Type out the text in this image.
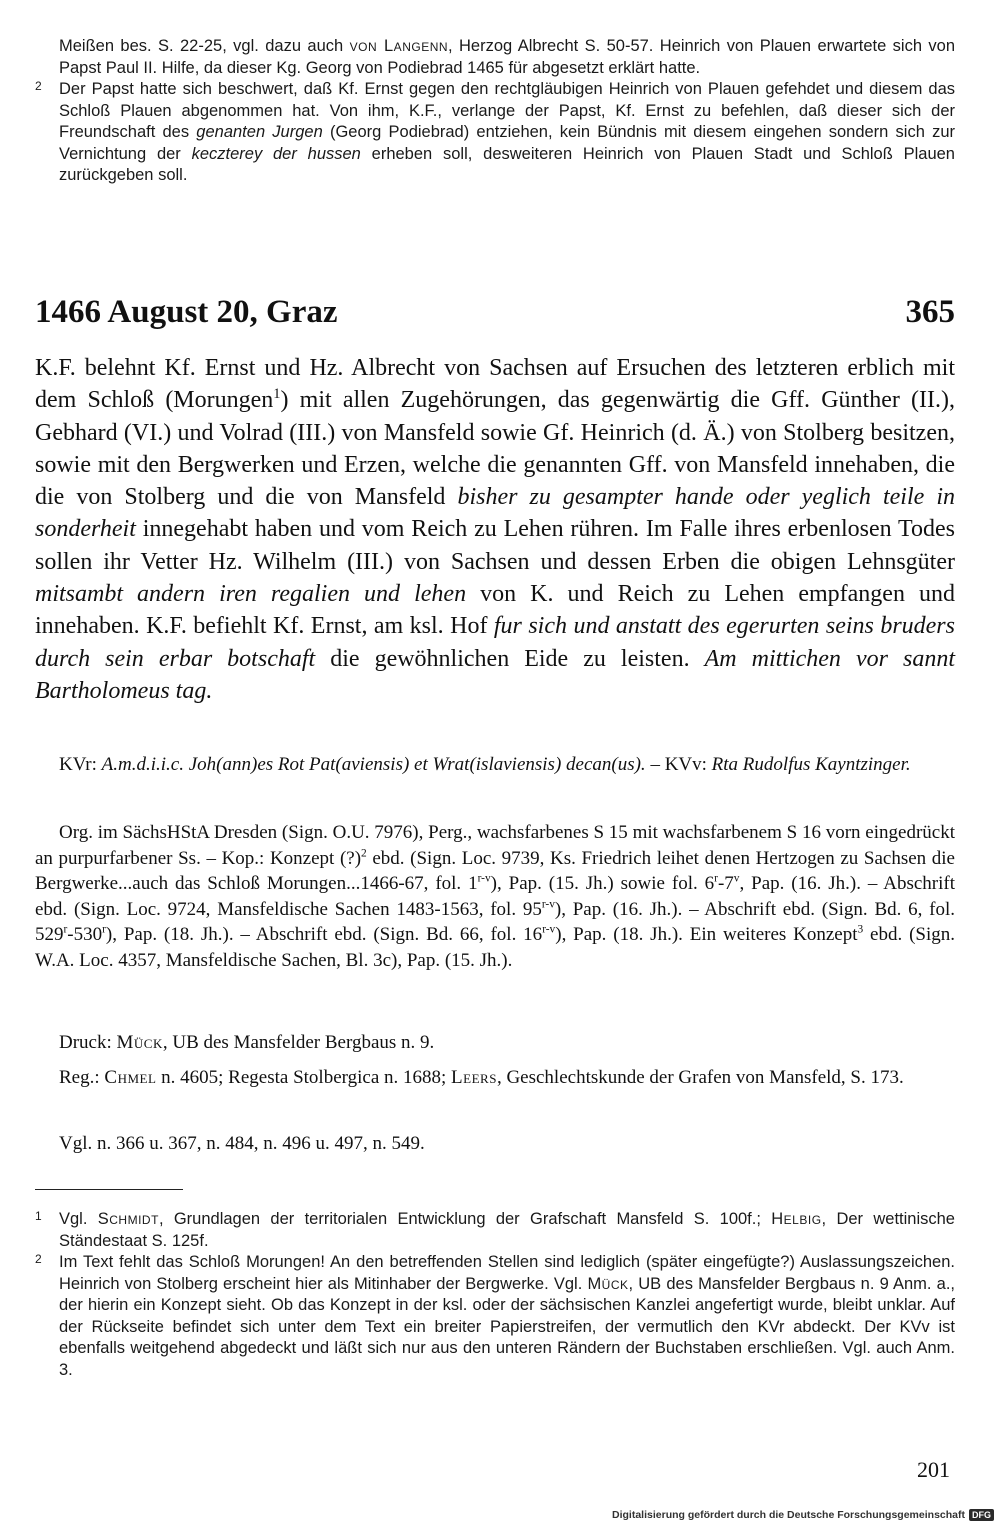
Meißen bes. S. 22-25, vgl. dazu auch von Langenn, Herzog Albrecht S. 50-57. Heinrich von Plauen erwartete sich von Papst Paul II. Hilfe, da dieser Kg. Georg von Podiebrad 1465 für abgesetzt erklärt hatte.
2 Der Papst hatte sich beschwert, daß Kf. Ernst gegen den rechtgläubigen Heinrich von Plauen gefehdet und diesem das Schloß Plauen abgenommen hat. Von ihm, K.F., verlange der Papst, Kf. Ernst zu befehlen, daß dieser sich der Freundschaft des genanten Jurgen (Georg Podiebrad) entziehen, kein Bündnis mit diesem eingehen sondern sich zur Vernichtung der keczterey der hussen erheben soll, desweiteren Heinrich von Plauen Stadt und Schloß Plauen zurückgeben soll.
1466 August 20, Graz	365
K.F. belehnt Kf. Ernst und Hz. Albrecht von Sachsen auf Ersuchen des letzteren erblich mit dem Schloß (Morungen$^1$) mit allen Zugehörungen, das gegenwärtig die Gff. Günther (II.), Gebhard (VI.) und Volrad (III.) von Mansfeld sowie Gf. Heinrich (d. Ä.) von Stolberg besitzen, sowie mit den Bergwerken und Erzen, welche die genannten Gff. von Mansfeld innehaben, die die von Stolberg und die von Mansfeld bisher zu gesampter hande oder yeglich teile in sonderheit innegehabt haben und vom Reich zu Lehen rühren. Im Falle ihres erbenlosen Todes sollen ihr Vetter Hz. Wilhelm (III.) von Sachsen und dessen Erben die obigen Lehnsgüter mitsambt andern iren regalien und lehen von K. und Reich zu Lehen empfangen und innehaben. K.F. befiehlt Kf. Ernst, am ksl. Hof fur sich und anstatt des egerurten seins bruders durch sein erbar botschaft die gewöhnlichen Eide zu leisten. Am mittichen vor sannt Bartholomeus tag.
KVr: A.m.d.i.i.c. Joh(ann)es Rot Pat(aviensis) et Wrat(islaviensis) decan(us). – KVv: Rta Rudolfus Kayntzinger.
Org. im SächsHStA Dresden (Sign. O.U. 7976), Perg., wachsfarbenes S 15 mit wachsfarbenem S 16 vorn eingedrückt an purpurfarbener Ss. – Kop.: Konzept (?)$^2$ ebd. (Sign. Loc. 9739, Ks. Friedrich leihet denen Hertzogen zu Sachsen die Bergwerke...auch das Schloß Morungen...1466-67, fol. 1$^{r-v}$), Pap. (15. Jh.) sowie fol. 6$^r$-7$^v$, Pap. (16. Jh.). – Abschrift ebd. (Sign. Loc. 9724, Mansfeldische Sachen 1483-1563, fol. 95$^{r-v}$), Pap. (16. Jh.). – Abschrift ebd. (Sign. Bd. 6, fol. 529$^r$-530$^r$), Pap. (18. Jh.). – Abschrift ebd. (Sign. Bd. 66, fol. 16$^{r-v}$), Pap. (18. Jh.). Ein weiteres Konzept$^3$ ebd. (Sign. W.A. Loc. 4357, Mansfeldische Sachen, Bl. 3c), Pap. (15. Jh.).
Druck: Mück, UB des Mansfelder Bergbaus n. 9.
Reg.: Chmel n. 4605; Regesta Stolbergica n. 1688; Leers, Geschlechtskunde der Grafen von Mansfeld, S. 173.
Vgl. n. 366 u. 367, n. 484, n. 496 u. 497, n. 549.
1 Vgl. Schmidt, Grundlagen der territorialen Entwicklung der Grafschaft Mansfeld S. 100f.; Helbig, Der wettinische Ständestaat S. 125f.
2 Im Text fehlt das Schloß Morungen! An den betreffenden Stellen sind lediglich (später eingefügte?) Auslassungszeichen. Heinrich von Stolberg erscheint hier als Mitinhaber der Bergwerke. Vgl. Mück, UB des Mansfelder Bergbaus n. 9 Anm. a., der hierin ein Konzept sieht. Ob das Konzept in der ksl. oder der sächsischen Kanzlei angefertigt wurde, bleibt unklar. Auf der Rückseite befindet sich unter dem Text ein breiter Papierstreifen, der vermutlich den KVr abdeckt. Der KVv ist ebenfalls weitgehend abgedeckt und läßt sich nur aus den unteren Rändern der Buchstaben erschließen. Vgl. auch Anm. 3.
201
Digitalisierung gefördert durch die Deutsche Forschungsgemeinschaft DFG
